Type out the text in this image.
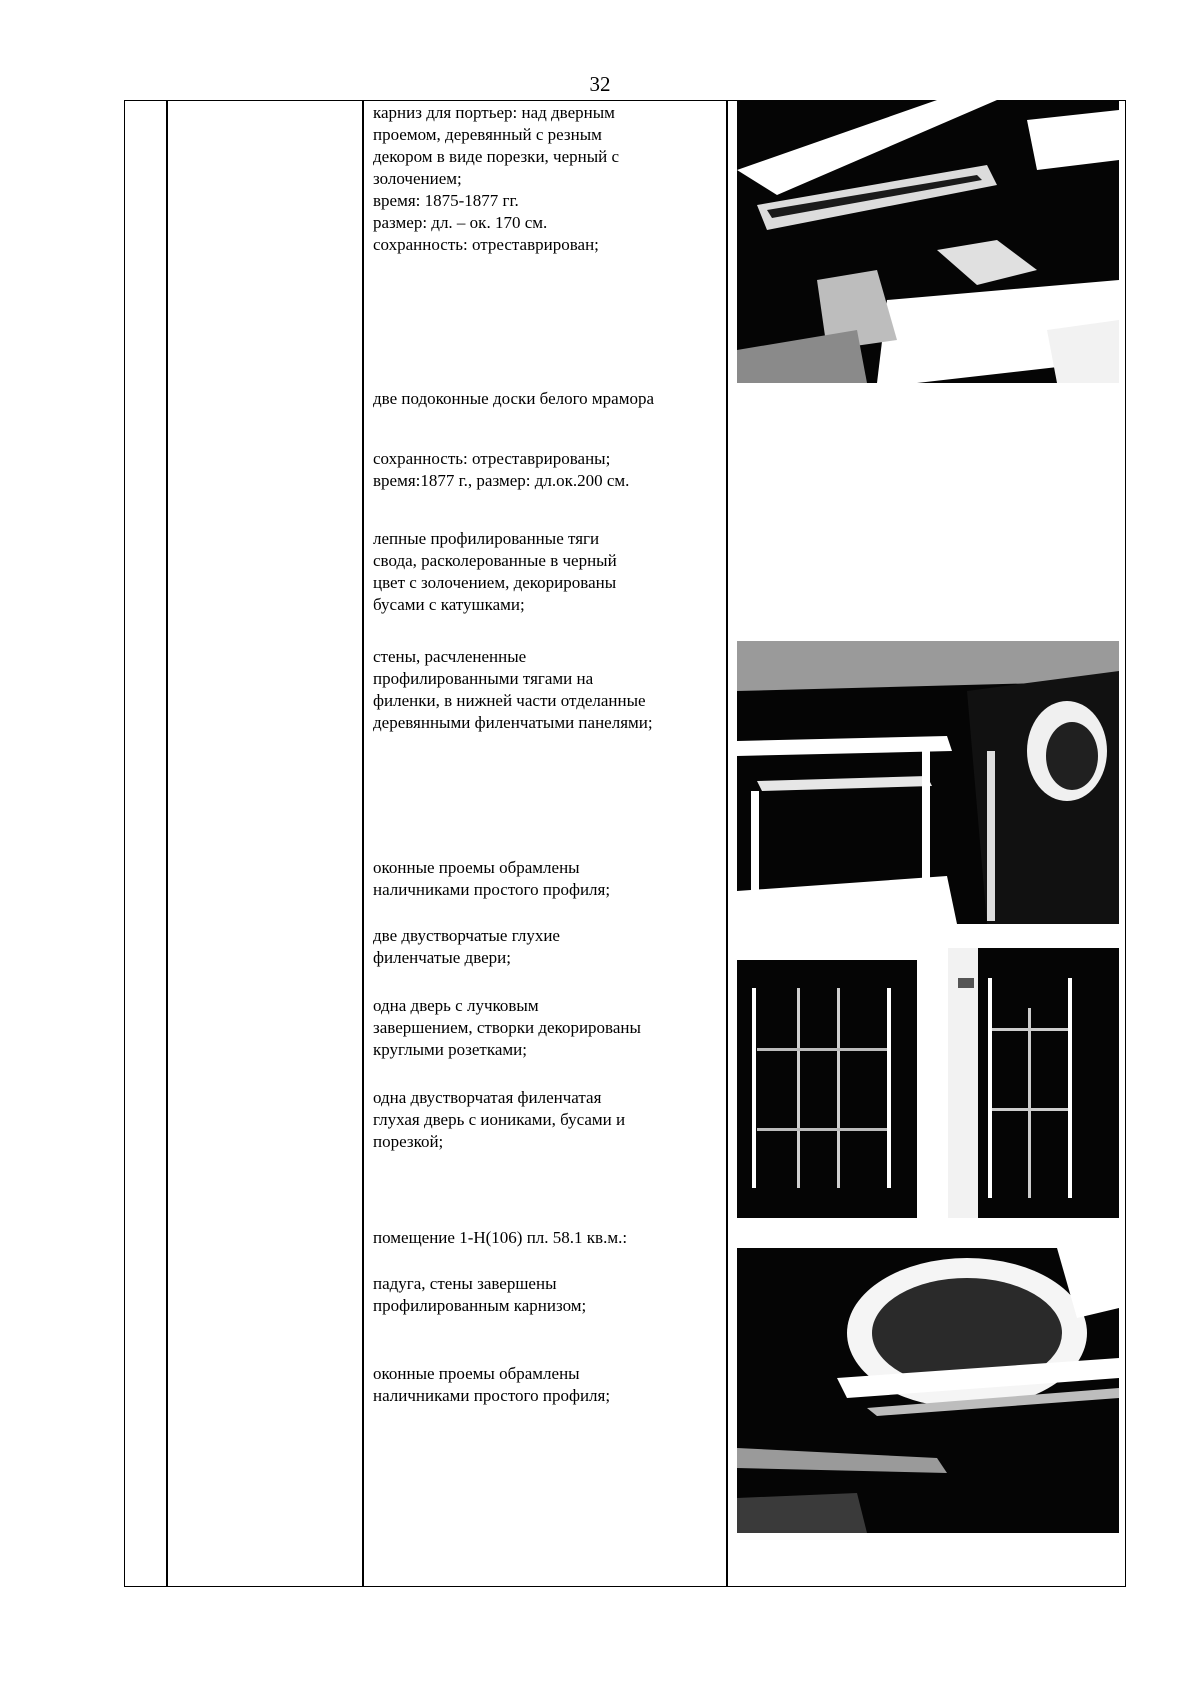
32
карниз для портьер: над дверным
проемом, деревянный с резным
декором в виде порезки, черный с
золочением;
время: 1875-1877 гг.
размер: дл. – ок. 170 см.
сохранность: отреставрирован;
две подоконные доски белого мрамора
сохранность: отреставрированы;
время:1877 г., размер: дл.ок.200 см.
лепные профилированные тяги
свода, расколерованные в черный
цвет с золочением, декорированы
бусами с катушками;
стены, расчлененные
профилированными тягами на
филенки, в нижней части отделанные
деревянными филенчатыми панелями;
оконные проемы обрамлены
наличниками простого профиля;
две двустворчатые глухие
филенчатые двери;
одна дверь с лучковым
завершением, створки декорированы
круглыми розетками;
одна двустворчатая филенчатая
глухая дверь с иониками, бусами и
порезкой;
помещение 1-Н(106) пл. 58.1 кв.м.:
падуга, стены завершены
профилированным карнизом;
оконные проемы обрамлены
наличниками простого профиля;
